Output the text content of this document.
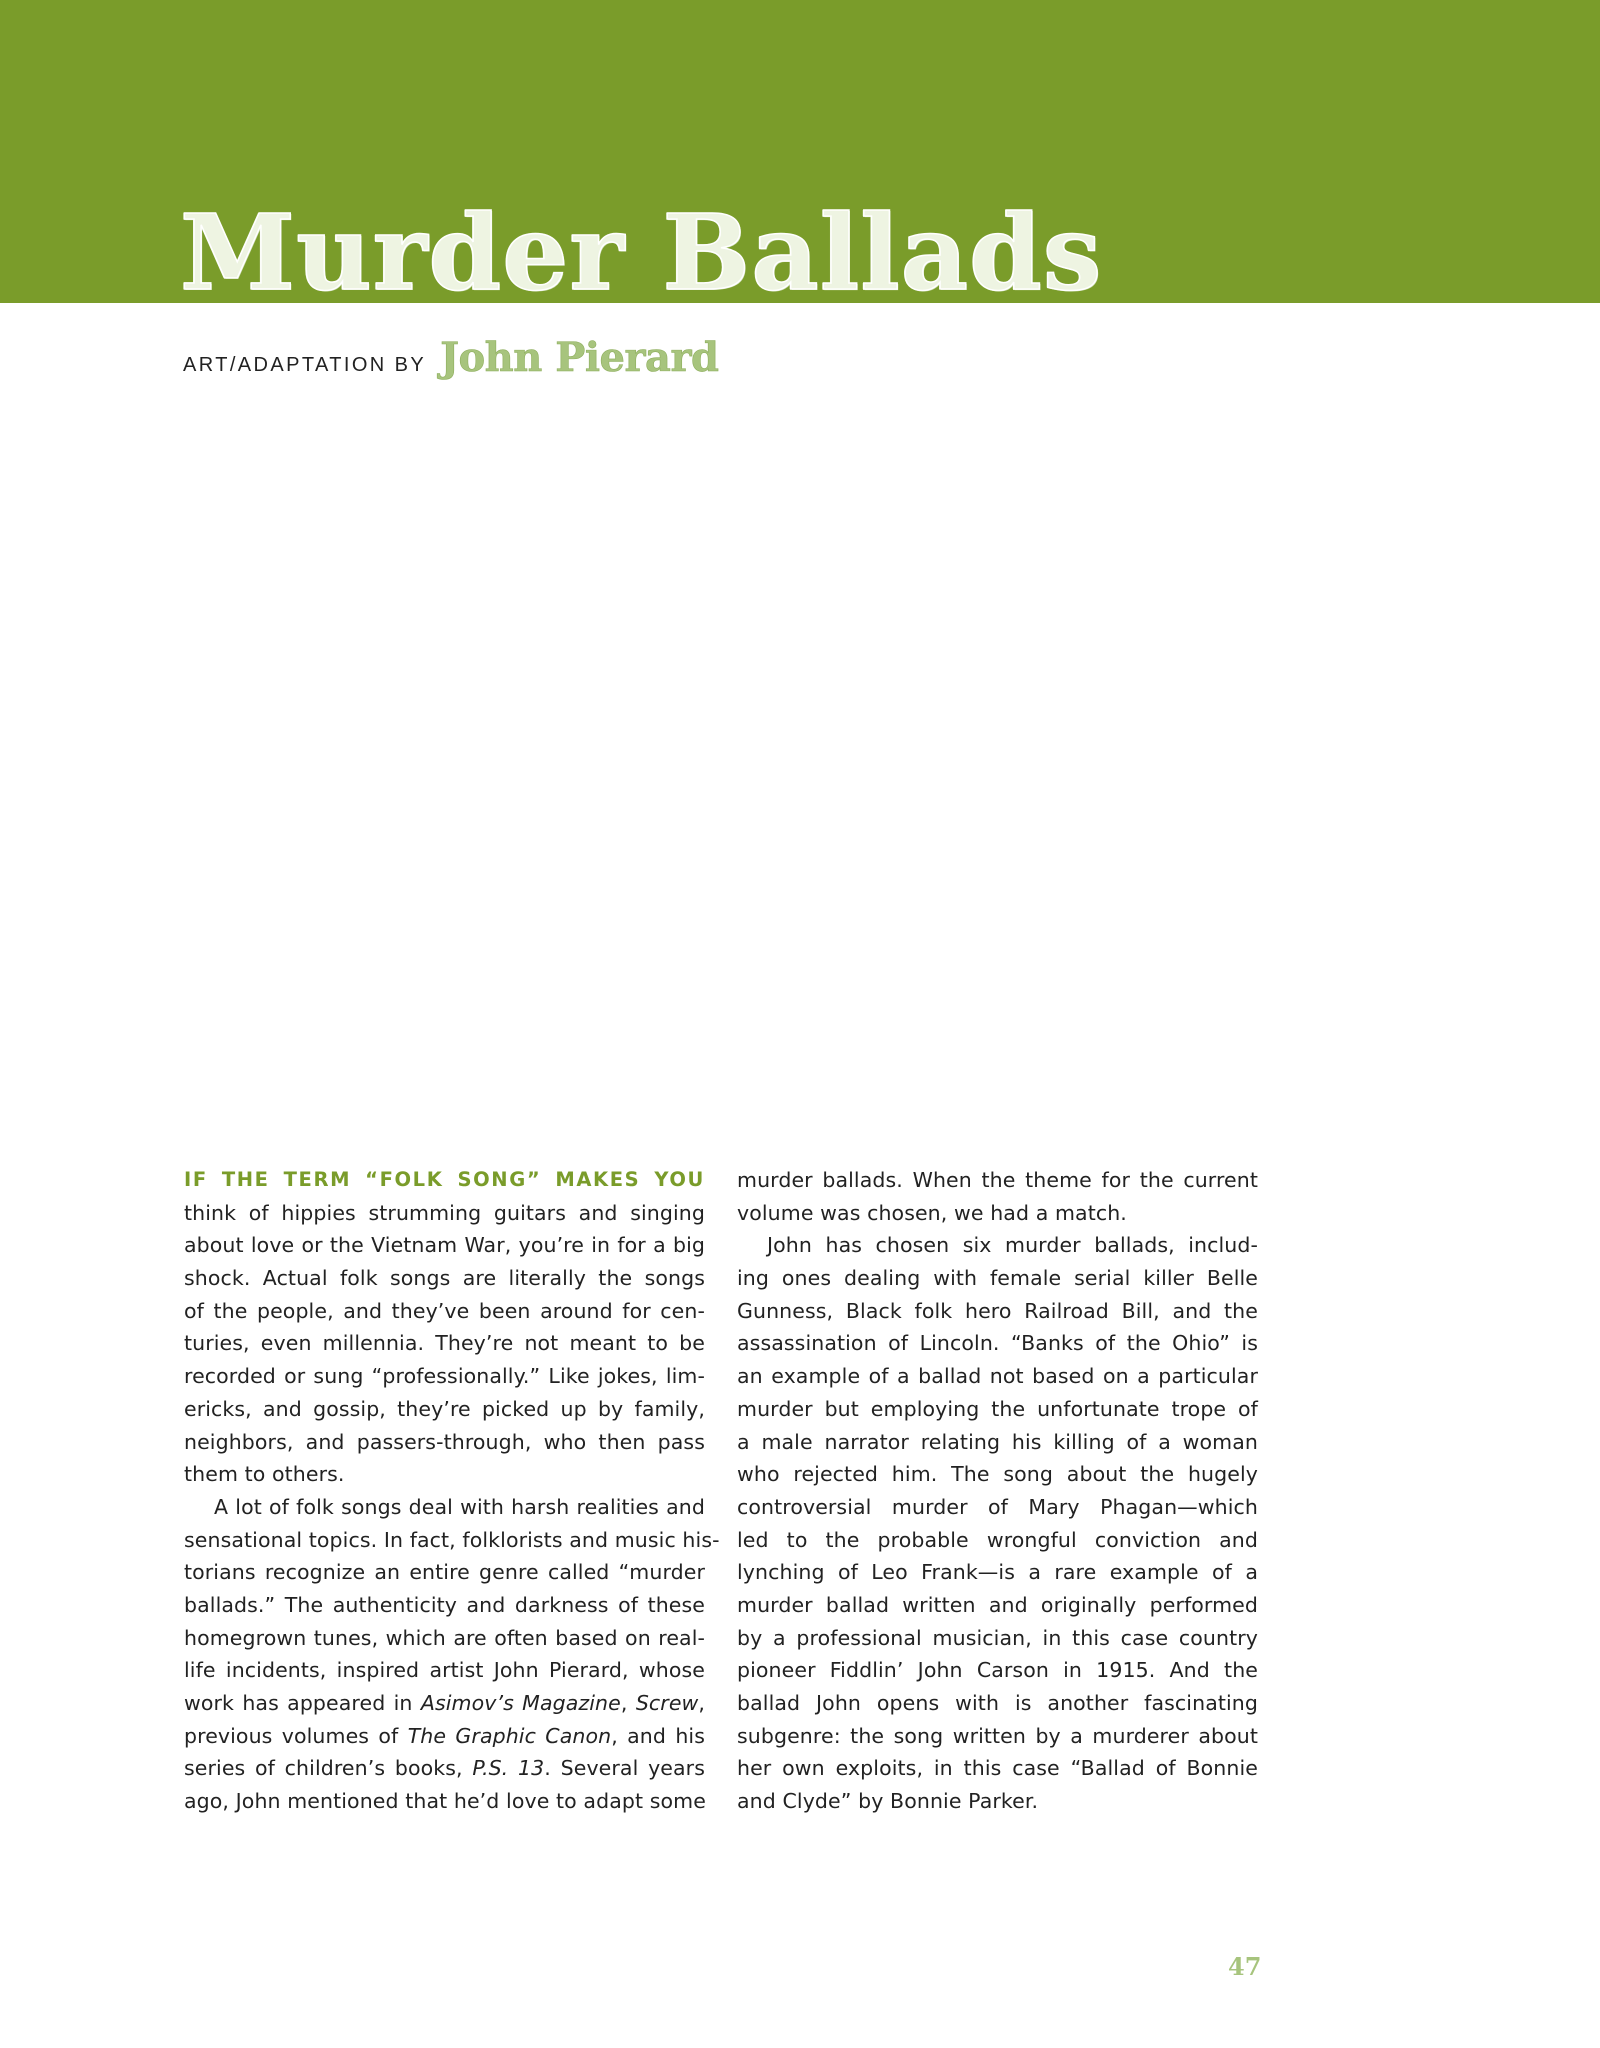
Murder Ballads
ART/ADAPTATION BY John Pierard
IF THE TERM “FOLK SONG” MAKES YOU
think of hippies strumming guitars and singing
about love or the Vietnam War, you’re in for a big
shock. Actual folk songs are literally the songs
of the people, and they’ve been around for cen-
turies, even millennia. They’re not meant to be
recorded or sung “professionally.” Like jokes, lim-
ericks, and gossip, they’re picked up by family,
neighbors, and passers-through, who then pass
them to others.
A lot of folk songs deal with harsh realities and
sensational topics. In fact, folklorists and music his-
torians recognize an entire genre called “murder
ballads.” The authenticity and darkness of these
homegrown tunes, which are often based on real-
life incidents, inspired artist John Pierard, whose
work has appeared in Asimov’s Magazine, Screw,
previous volumes of The Graphic Canon, and his
series of children’s books, P.S. 13. Several years
ago, John mentioned that he’d love to adapt some
murder ballads. When the theme for the current
volume was chosen, we had a match.
John has chosen six murder ballads, includ-
ing ones dealing with female serial killer Belle
Gunness, Black folk hero Railroad Bill, and the
assassination of Lincoln. “Banks of the Ohio” is
an example of a ballad not based on a particular
murder but employing the unfortunate trope of
a male narrator relating his killing of a woman
who rejected him. The song about the hugely
controversial murder of Mary Phagan—which
led to the probable wrongful conviction and
lynching of Leo Frank—is a rare example of a
murder ballad written and originally performed
by a professional musician, in this case country
pioneer Fiddlin’ John Carson in 1915. And the
ballad John opens with is another fascinating
subgenre: the song written by a murderer about
her own exploits, in this case “Ballad of Bonnie
and Clyde” by Bonnie Parker.
47
